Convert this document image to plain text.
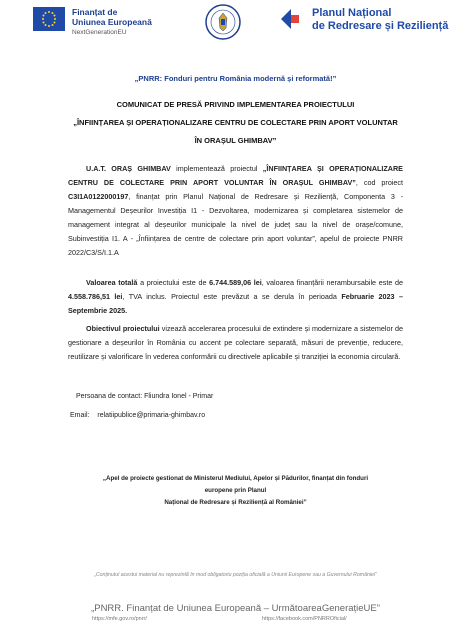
Finanțat de
Uniunea Europeană
NextGenerationEU
Planul Național
de Redresare și Reziliență
„PNRR: Fonduri pentru România modernă și reformată!”
COMUNICAT DE PRESĂ PRIVIND IMPLEMENTAREA PROIECTULUI
„ÎNFIINȚAREA ȘI OPERAȚIONALIZARE CENTRU DE COLECTARE PRIN APORT VOLUNTAR
ÎN ORAȘUL GHIMBAV”
U.A.T. ORAȘ GHIMBAV implementează proiectul „ÎNFIINȚAREA ȘI OPERAȚIONALIZARE CENTRU DE COLECTARE PRIN APORT VOLUNTAR ÎN ORAȘUL GHIMBAV”, cod proiect C3I1A0122000197, finanțat prin Planul Național de Redresare și Reziliență, Componenta 3 - Managementul Deșeurilor Investiția I1 - Dezvoltarea, modernizarea și completarea sistemelor de management integrat al deșeurilor municipale la nivel de județ sau la nivel de orașe/comune, Subinvestiția I1. A - „Înființarea de centre de colectare prin aport voluntar”, apelul de proiecte PNRR 2022/C3/S/I.1.A
Valoarea totală a proiectului este de 6.744.589,06 lei, valoarea finanțării nerambursabile este de 4.558.786,51 lei, TVA inclus. Proiectul este prevăzut a se derula în perioada Februarie 2023 – Septembrie 2025.
Obiectivul proiectului vizează accelerarea procesului de extindere și modernizare a sistemelor de gestionare a deșeurilor în România cu accent pe colectare separată, măsuri de prevenție, reducere, reutilizare și valorificare în vederea conformării cu directivele aplicabile și tranziției la economia circulară.
Persoana de contact: Fliundra Ionel - Primar
Email: relatiipublice@primaria-ghimbav.ro
„Apel de proiecte gestionat de Ministerul Mediului, Apelor și Pădurilor, finanțat din fonduri europene prin Planul
Național de Redresare și Reziliență al României”
„Conținutul acestui material nu reprezintă în mod obligatoriu poziția oficială a Uniunii Europene sau a Guvernului României”
„PNRR. Finanțat de Uniunea Europeană – UrmătoareaGenerațieUE”
https://mfe.gov.ro/pnrr/	https://facebook.com/PNRROficial/
